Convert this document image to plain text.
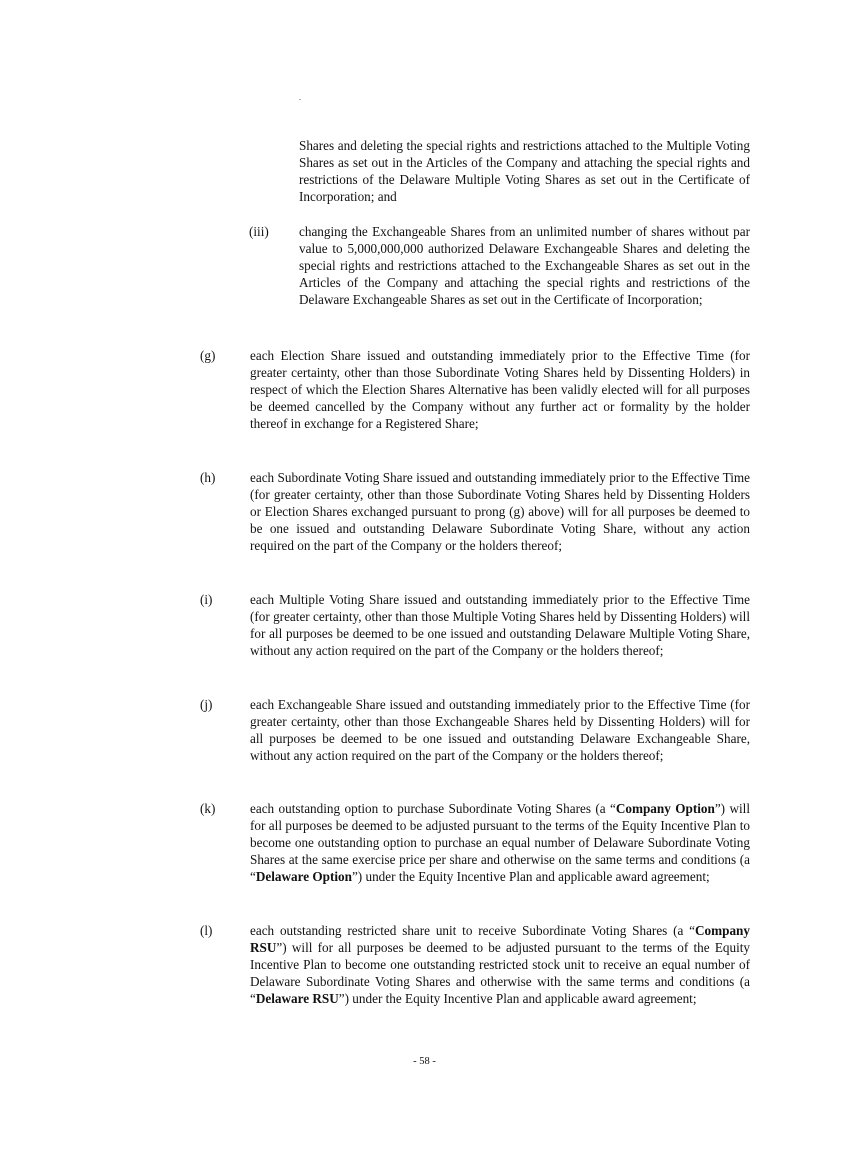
.

Shares and deleting the special rights and restrictions attached to the Multiple Voting Shares as set out in the Articles of the Company and attaching the special rights and restrictions of the Delaware Multiple Voting Shares as set out in the Certificate of Incorporation; and

(iii) changing the Exchangeable Shares from an unlimited number of shares without par value to 5,000,000,000 authorized Delaware Exchangeable Shares and deleting the special rights and restrictions attached to the Exchangeable Shares as set out in the Articles of the Company and attaching the special rights and restrictions of the Delaware Exchangeable Shares as set out in the Certificate of Incorporation;

(g)	each Election Share issued and outstanding immediately prior to the Effective Time (for greater certainty, other than those Subordinate Voting Shares held by Dissenting Holders) in respect of which the Election Shares Alternative has been validly elected will for all purposes be deemed cancelled by the Company without any further act or formality by the holder thereof in exchange for a Registered Share;

(h)	each Subordinate Voting Share issued and outstanding immediately prior to the Effective Time (for greater certainty, other than those Subordinate Voting Shares held by Dissenting Holders or Election Shares exchanged pursuant to prong (g) above) will for all purposes be deemed to be one issued and outstanding Delaware Subordinate Voting Share, without any action required on the part of the Company or the holders thereof;

(i)	each Multiple Voting Share issued and outstanding immediately prior to the Effective Time (for greater certainty, other than those Multiple Voting Shares held by Dissenting Holders) will for all purposes be deemed to be one issued and outstanding Delaware Multiple Voting Share, without any action required on the part of the Company or the holders thereof;

(j)	each Exchangeable Share issued and outstanding immediately prior to the Effective Time (for greater certainty, other than those Exchangeable Shares held by Dissenting Holders) will for all purposes be deemed to be one issued and outstanding Delaware Exchangeable Share, without any action required on the part of the Company or the holders thereof;

(k)	each outstanding option to purchase Subordinate Voting Shares (a “Company Option”) will for all purposes be deemed to be adjusted pursuant to the terms of the Equity Incentive Plan to become one outstanding option to purchase an equal number of Delaware Subordinate Voting Shares at the same exercise price per share and otherwise on the same terms and conditions (a “Delaware Option”) under the Equity Incentive Plan and applicable award agreement;

(l)	each outstanding restricted share unit to receive Subordinate Voting Shares (a “Company RSU”) will for all purposes be deemed to be adjusted pursuant to the terms of the Equity Incentive Plan to become one outstanding restricted stock unit to receive an equal number of Delaware Subordinate Voting Shares and otherwise with the same terms and conditions (a “Delaware RSU”) under the Equity Incentive Plan and applicable award agreement;

- 58 -
